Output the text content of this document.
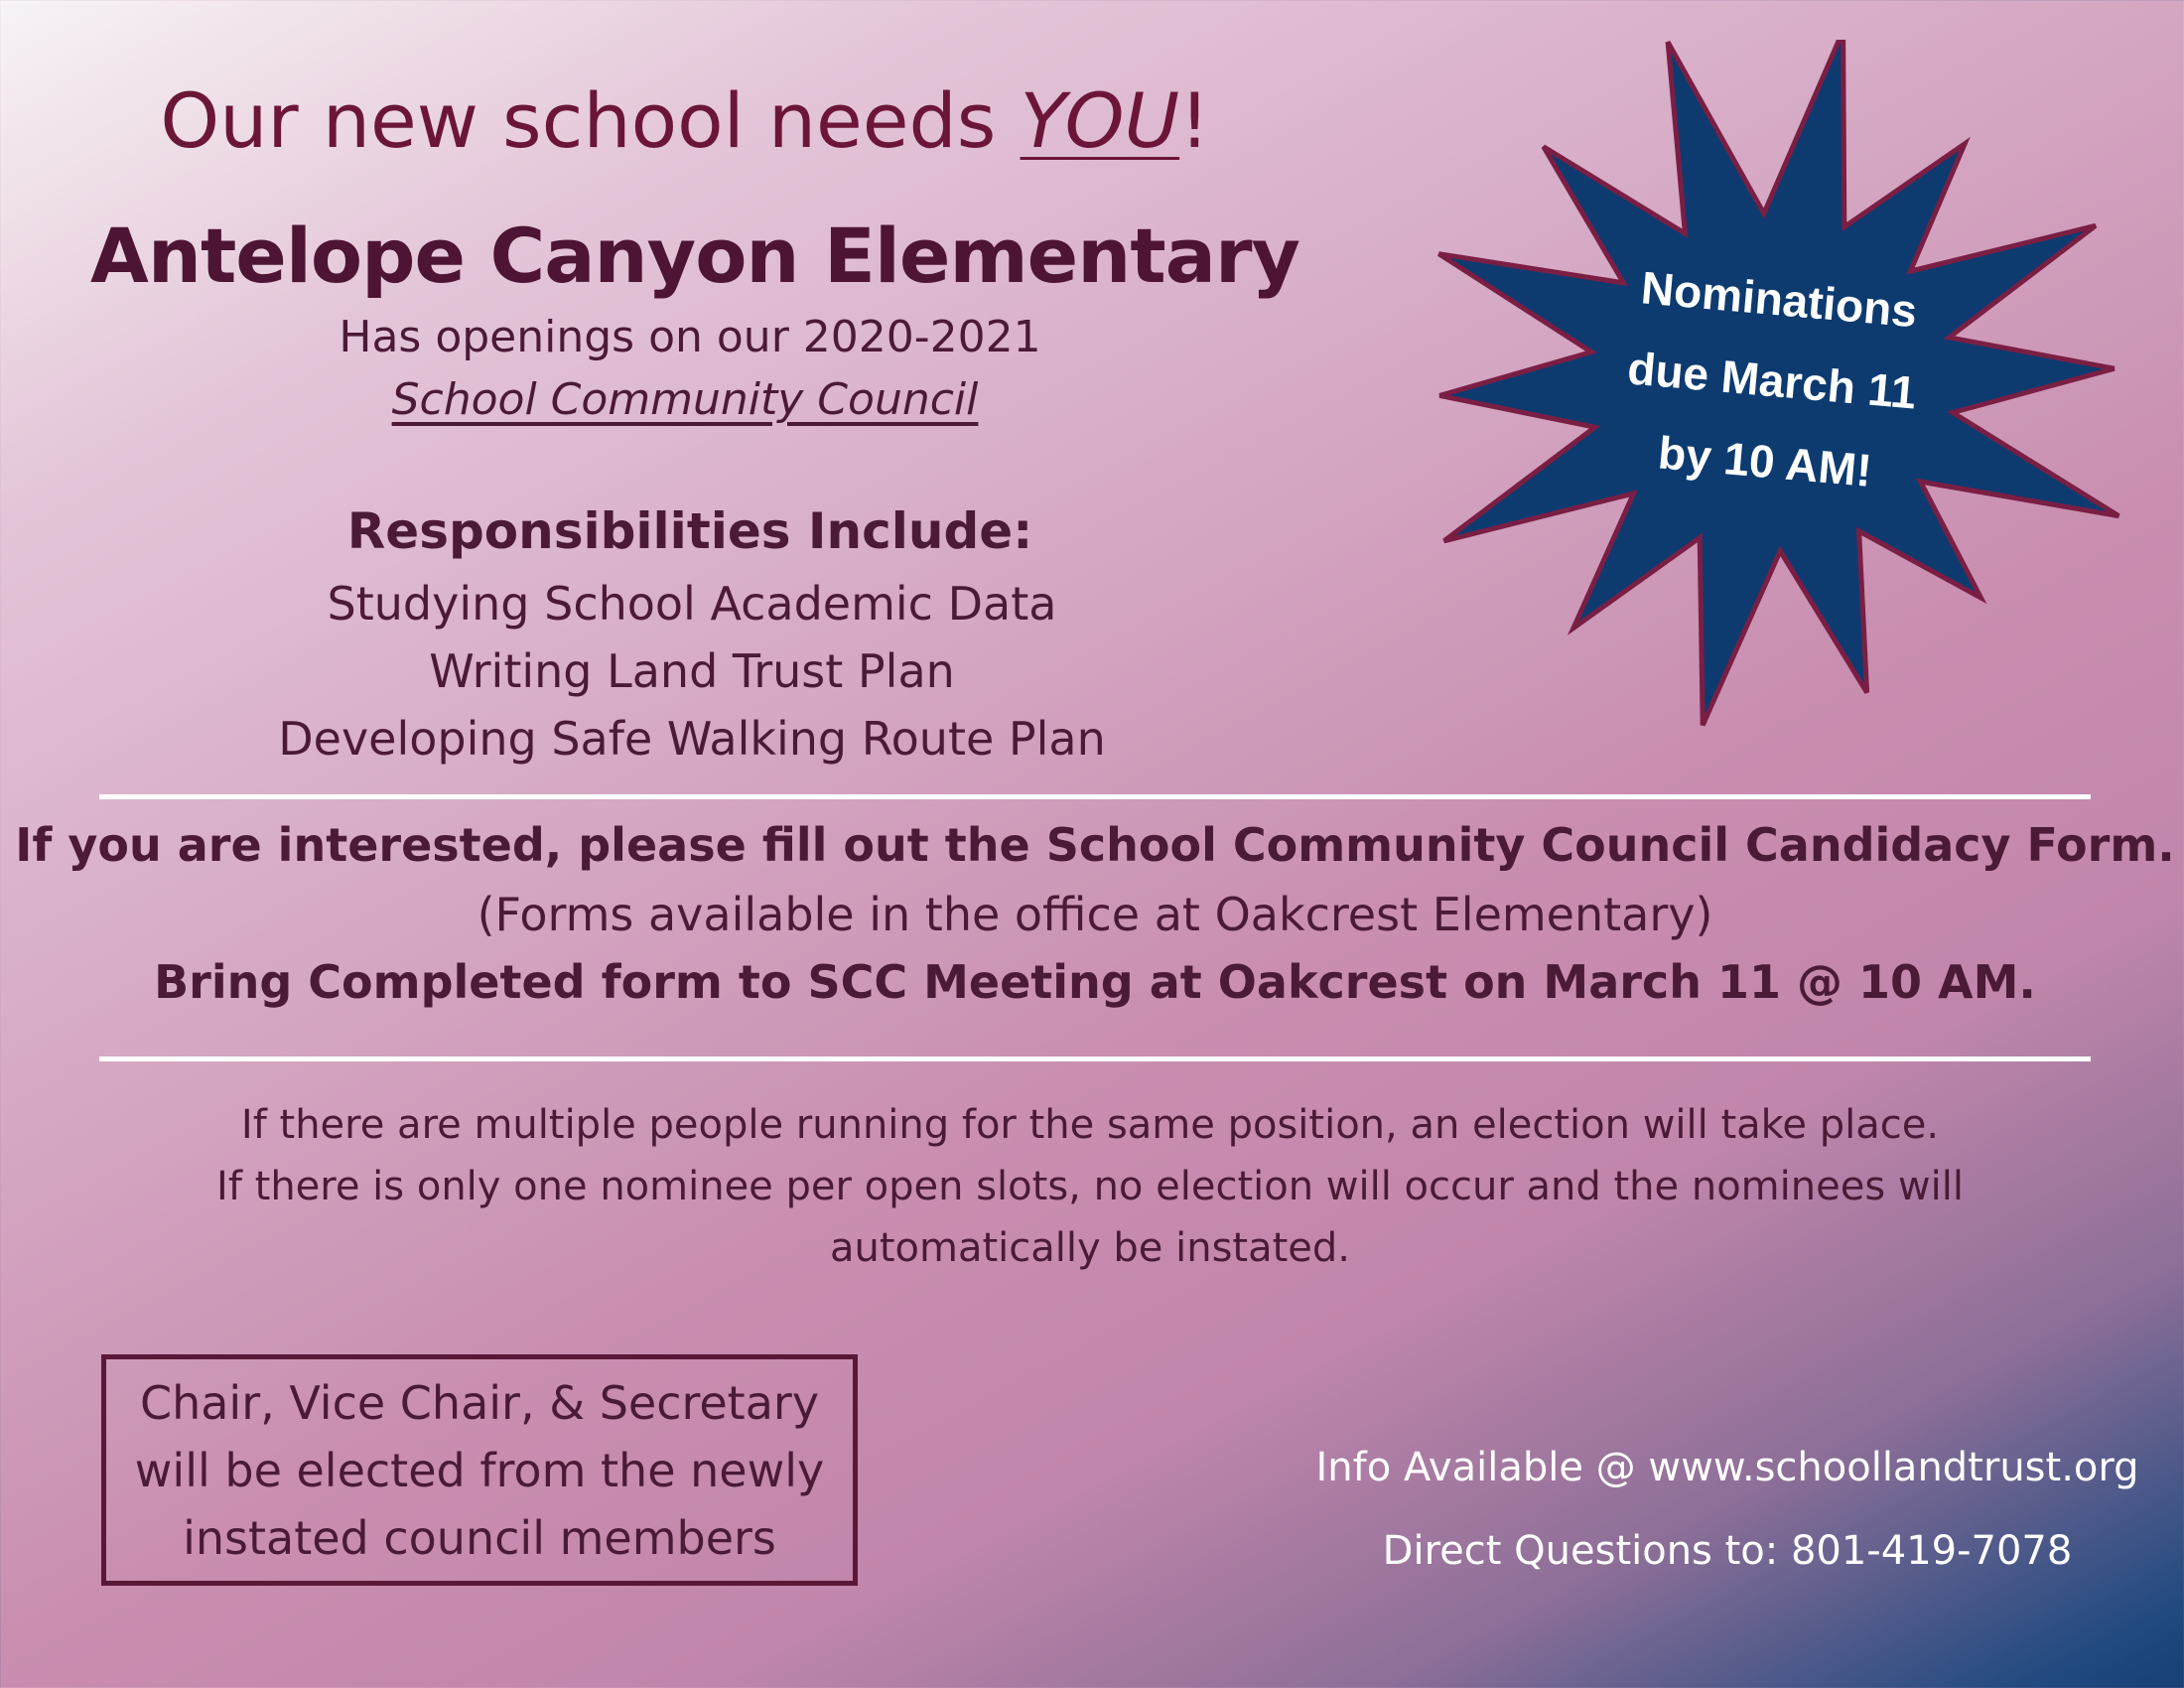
Our new school needs YOU!
Antelope Canyon Elementary
Has openings on our 2020-2021
School Community Council
Responsibilities Include:
Studying School Academic Data
Writing Land Trust Plan
Developing Safe Walking Route Plan
Nominations
due March 11
by 10 AM!
If you are interested, please fill out the School Community Council Candidacy Form.
(Forms available in the office at Oakcrest Elementary)
Bring Completed form to SCC Meeting at Oakcrest on March 11 @ 10 AM.
If there are multiple people running for the same position, an election will take place.
If there is only one nominee per open slots, no election will occur and the nominees will
automatically be instated.
Chair, Vice Chair, & Secretary
will be elected from the newly
instated council members
Info Available @ www.schoollandtrust.org
Direct Questions to: 801-419-7078
